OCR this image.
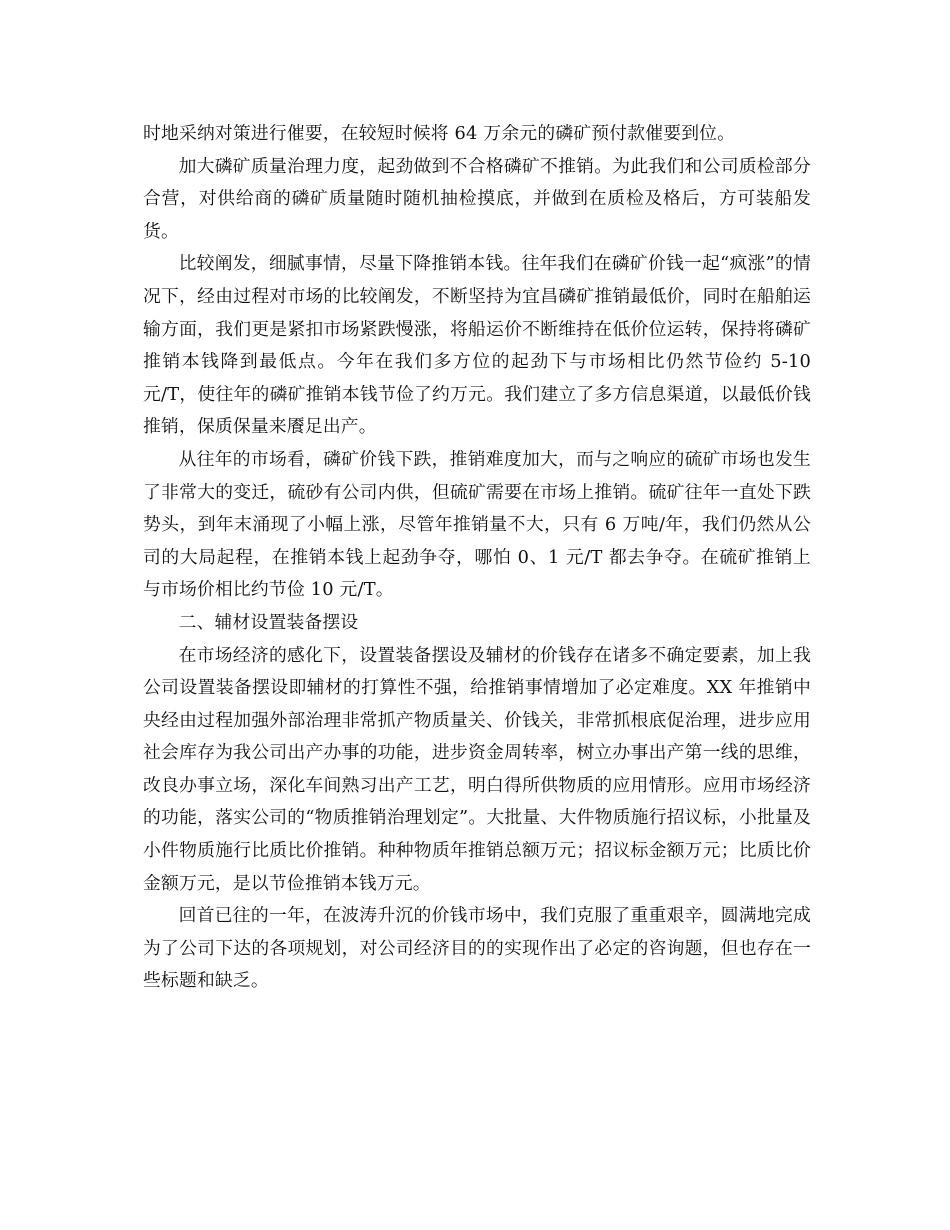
时地采纳对策进行催要，在较短时候将 64 万余元的磷矿预付款催要到位。

加大磷矿质量治理力度，起劲做到不合格磷矿不推销。为此我们和公司质检部分合营，对供给商的磷矿质量随时随机抽检摸底，并做到在质检及格后，方可装船发货。

比较阐发，细腻事情，尽量下降推销本钱。往年我们在磷矿价钱一起“疯涨”的情况下，经由过程对市场的比较阐发，不断坚持为宜昌磷矿推销最低价，同时在船舶运输方面，我们更是紧扣市场紧跌慢涨，将船运价不断维持在低价位运转，保持将磷矿推销本钱降到最低点。今年在我们多方位的起劲下与市场相比仍然节俭约 5-10 元/T，使往年的磷矿推销本钱节俭了约万元。我们建立了多方信息渠道，以最低价钱推销，保质保量来餍足出产。

从往年的市场看，磷矿价钱下跌，推销难度加大，而与之响应的硫矿市场也发生了非常大的变迁，硫砂有公司内供，但硫矿需要在市场上推销。硫矿往年一直处下跌势头，到年末涌现了小幅上涨，尽管年推销量不大，只有 6 万吨/年，我们仍然从公司的大局起程，在推销本钱上起劲争夺，哪怕 0、1 元/T 都去争夺。在硫矿推销上与市场价相比约节俭 10 元/T。

二、辅材设置装备摆设

在市场经济的感化下，设置装备摆设及辅材的价钱存在诸多不确定要素，加上我公司设置装备摆设即辅材的打算性不强，给推销事情增加了必定难度。XX 年推销中央经由过程加强外部治理非常抓产物质量关、价钱关，非常抓根底促治理，进步应用社会库存为我公司出产办事的功能，进步资金周转率，树立办事出产第一线的思维，改良办事立场，深化车间熟习出产工艺，明白得所供物质的应用情形。应用市场经济的功能，落实公司的“物质推销治理划定”。大批量、大件物质施行招议标，小批量及小件物质施行比质比价推销。种种物质年推销总额万元；招议标金额万元；比质比价金额万元，是以节俭推销本钱万元。

回首已往的一年，在波涛升沉的价钱市场中，我们克服了重重艰辛，圆满地完成为了公司下达的各项规划，对公司经济目的的实现作出了必定的咨询题，但也存在一些标题和缺乏。
